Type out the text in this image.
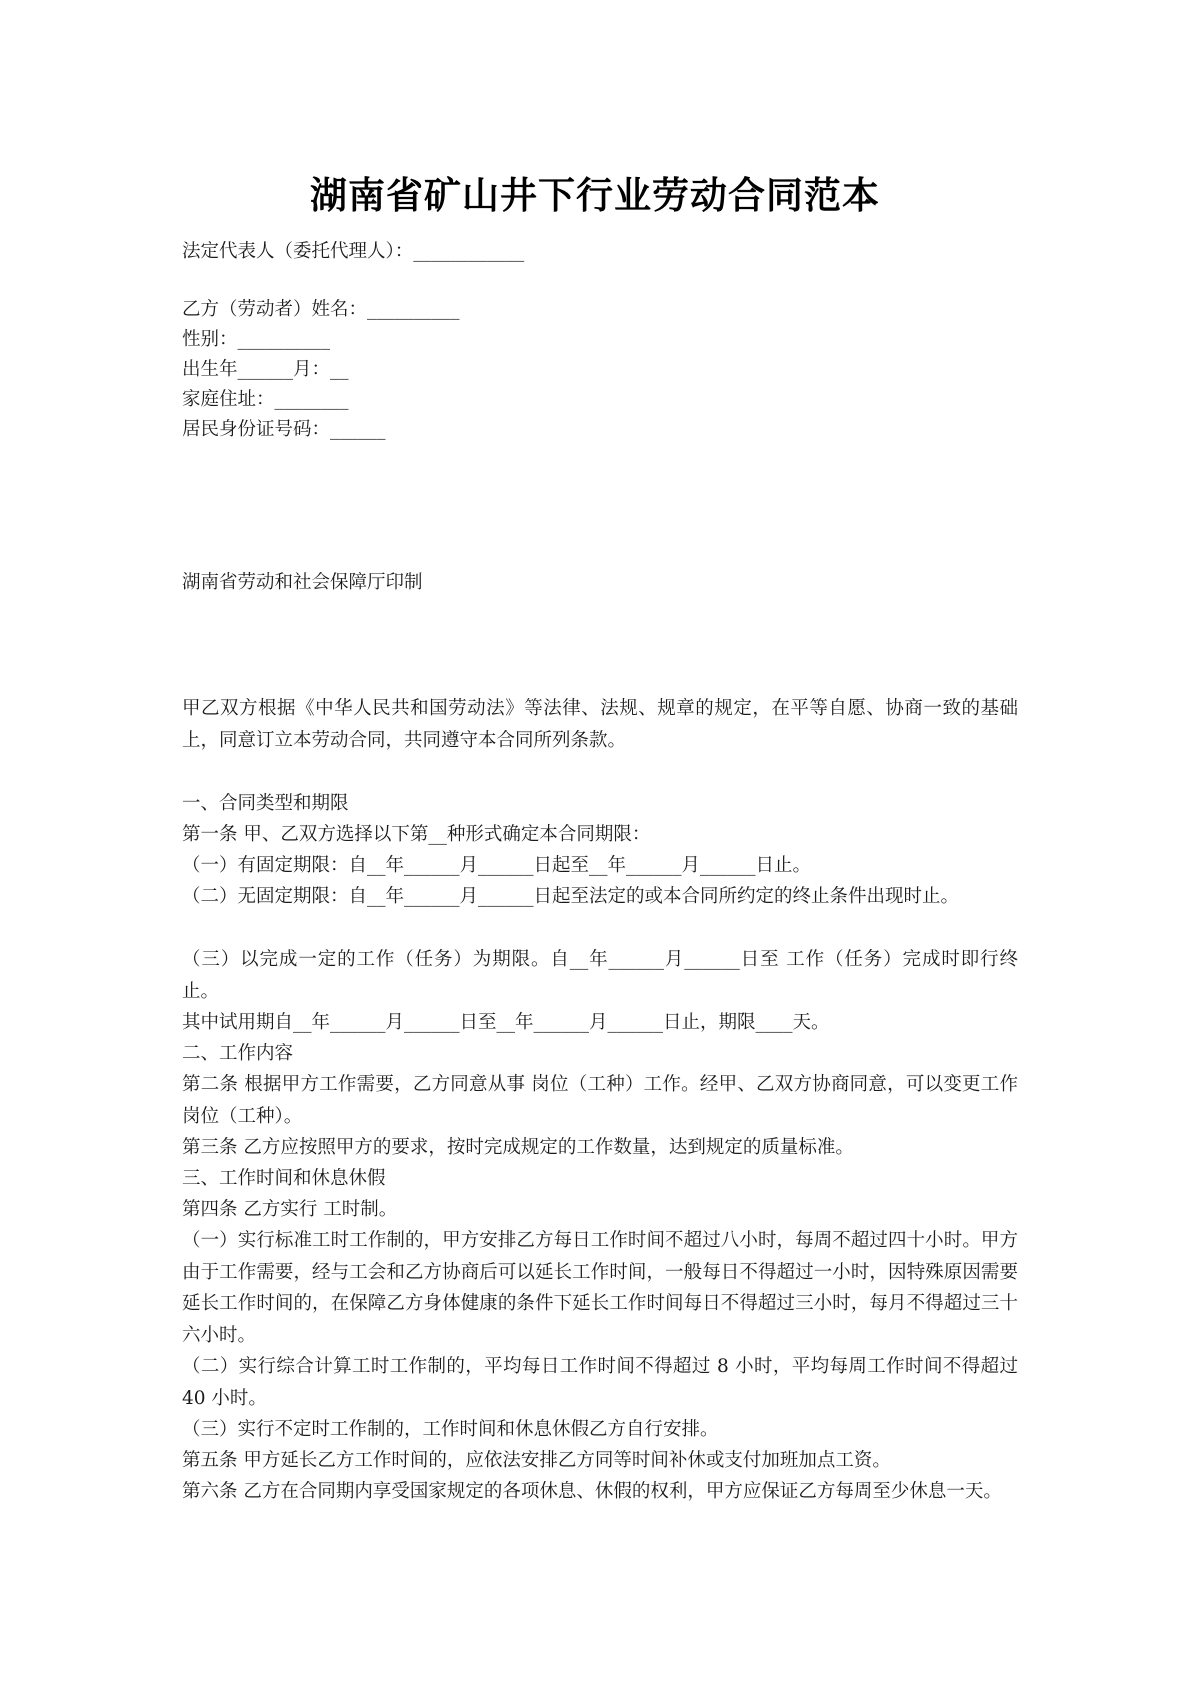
湖南省矿山井下行业劳动合同范本
法定代表人（委托代理人）：____________
乙方（劳动者）姓名：__________
性别：__________
出生年______月：__
家庭住址：________
居民身份证号码：______
湖南省劳动和社会保障厅印制
甲乙双方根据《中华人民共和国劳动法》等法律、法规、规章的规定，在平等自愿、协商一致的基础上，同意订立本劳动合同，共同遵守本合同所列条款。
一、合同类型和期限
第一条 甲、乙双方选择以下第__种形式确定本合同期限：
（一）有固定期限：自__年______月______日起至__年______月______日止。
（二）无固定期限：自__年______月______日起至法定的或本合同所约定的终止条件出现时止。
（三）以完成一定的工作（任务）为期限。自__年______月______日至 工作（任务）完成时即行终止。
其中试用期自__年______月______日至__年______月______日止，期限____天。
二、工作内容
第二条 根据甲方工作需要，乙方同意从事 岗位（工种）工作。经甲、乙双方协商同意，可以变更工作岗位（工种）。
第三条 乙方应按照甲方的要求，按时完成规定的工作数量，达到规定的质量标准。
三、工作时间和休息休假
第四条 乙方实行 工时制。
（一）实行标准工时工作制的，甲方安排乙方每日工作时间不超过八小时，每周不超过四十小时。甲方由于工作需要，经与工会和乙方协商后可以延长工作时间，一般每日不得超过一小时，因特殊原因需要延长工作时间的，在保障乙方身体健康的条件下延长工作时间每日不得超过三小时，每月不得超过三十六小时。
（二）实行综合计算工时工作制的，平均每日工作时间不得超过 8 小时，平均每周工作时间不得超过 40 小时。
（三）实行不定时工作制的，工作时间和休息休假乙方自行安排。
第五条 甲方延长乙方工作时间的，应依法安排乙方同等时间补休或支付加班加点工资。
第六条 乙方在合同期内享受国家规定的各项休息、休假的权利，甲方应保证乙方每周至少休息一天。
